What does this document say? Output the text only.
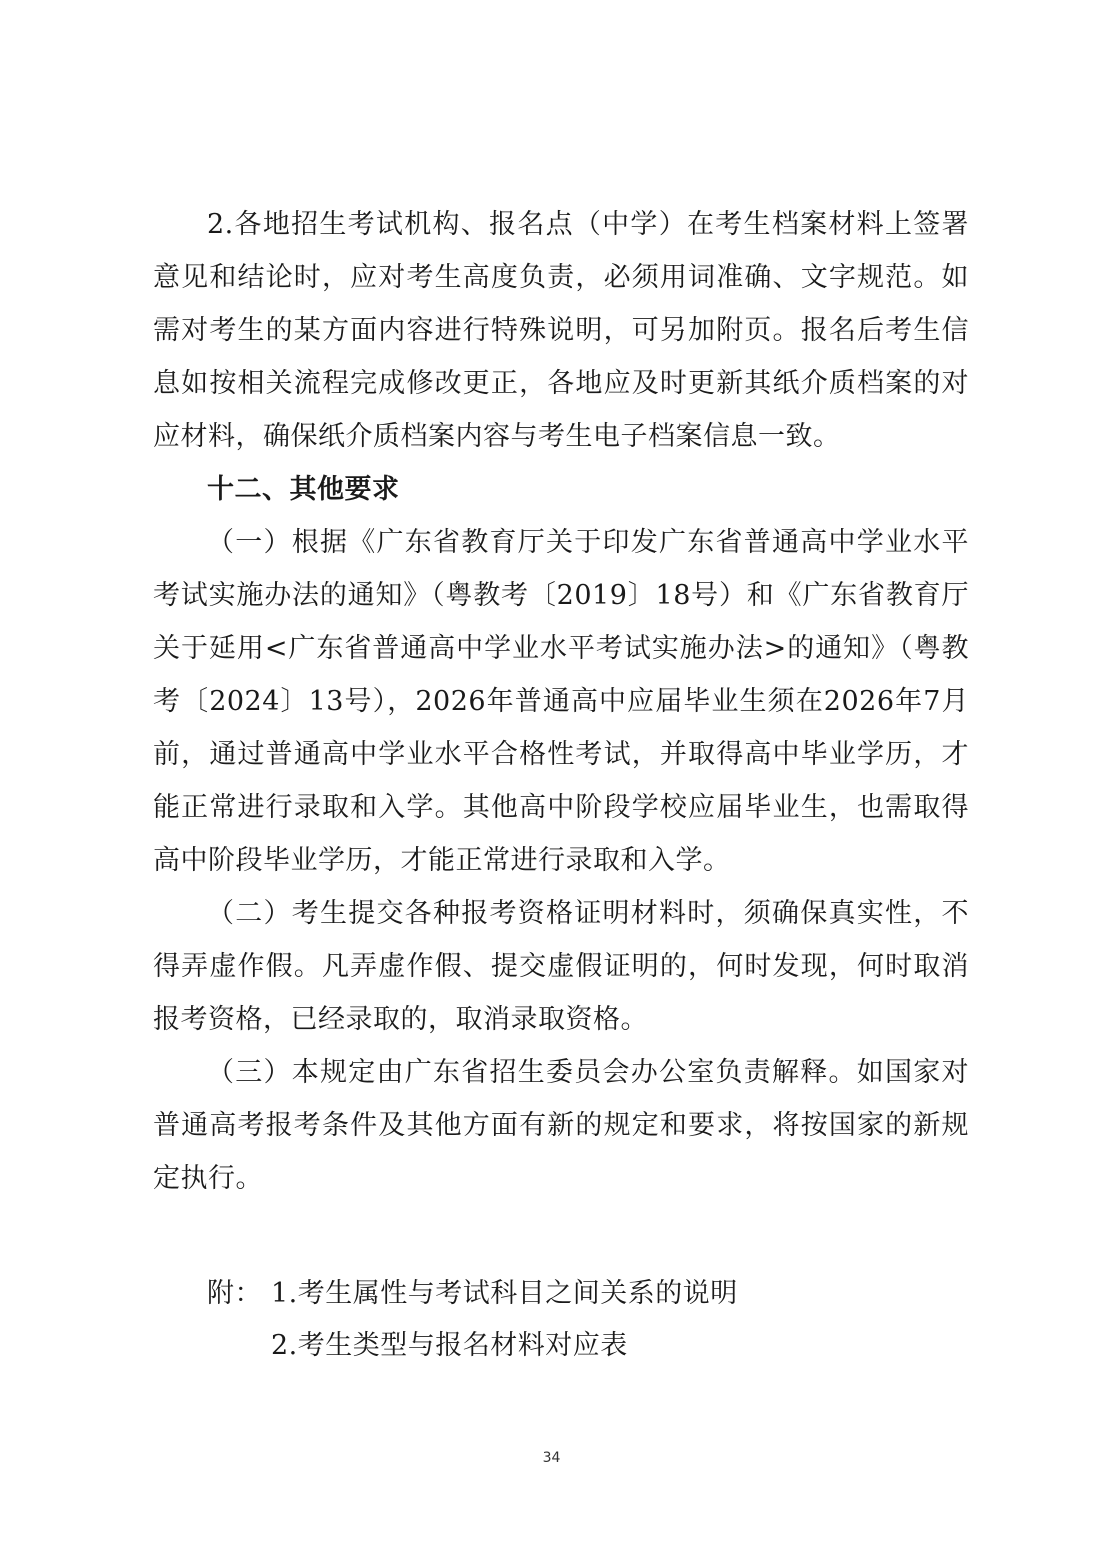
2.各地招生考试机构、报名点（中学）在考生档案材料上签署意见和结论时，应对考生高度负责，必须用词准确、文字规范。如需对考生的某方面内容进行特殊说明，可另加附页。报名后考生信息如按相关流程完成修改更正，各地应及时更新其纸介质档案的对应材料，确保纸介质档案内容与考生电子档案信息一致。

十二、其他要求

（一）根据《广东省教育厅关于印发广东省普通高中学业水平考试实施办法的通知》（粤教考〔2019〕18号）和《广东省教育厅关于延用<广东省普通高中学业水平考试实施办法>的通知》（粤教考〔2024〕13号），2026年普通高中应届毕业生须在2026年7月前，通过普通高中学业水平合格性考试，并取得高中毕业学历，才能正常进行录取和入学。其他高中阶段学校应届毕业生，也需取得高中阶段毕业学历，才能正常进行录取和入学。

（二）考生提交各种报考资格证明材料时，须确保真实性，不得弄虚作假。凡弄虚作假、提交虚假证明的，何时发现，何时取消报考资格，已经录取的，取消录取资格。

（三）本规定由广东省招生委员会办公室负责解释。如国家对普通高考报考条件及其他方面有新的规定和要求，将按国家的新规定执行。

附： 1.考生属性与考试科目之间关系的说明
2.考生类型与报名材料对应表
34
